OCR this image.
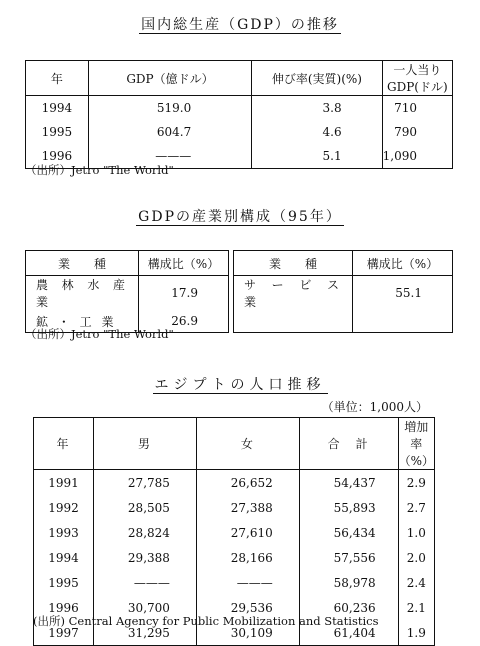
国内総生産（GDP）の推移
年	GDP（億ドル）	伸び率(実質)(%)	一人当りGDP(ドル)
1994	519.0	3.8	710
1995	604.7	4.6	790
1996	———	5.1	1,090
（出所）Jetro "The World"
GDPの産業別構成（95年）
業　　種	構成比（%）
農 林 水 産 業	17.9
鉱 ・ 工 業	26.9
業　　種	構成比（%）
サ ー ビ ス 業	55.1

（出所）Jetro "The World"
エジプトの人口推移
（単位：1,000人）
年	男	女	合　計	増加率（%）
1991	27,785	26,652	54,437	2.9
1992	28,505	27,388	55,893	2.7
1993	28,824	27,610	56,434	1.0
1994	29,388	28,166	57,556	2.0
1995	———	———	58,978	2.4
1996	30,700	29,536	60,236	2.1
1997	31,295	30,109	61,404	1.9
(出所) Central Agency for Public Mobilization and Statistics
